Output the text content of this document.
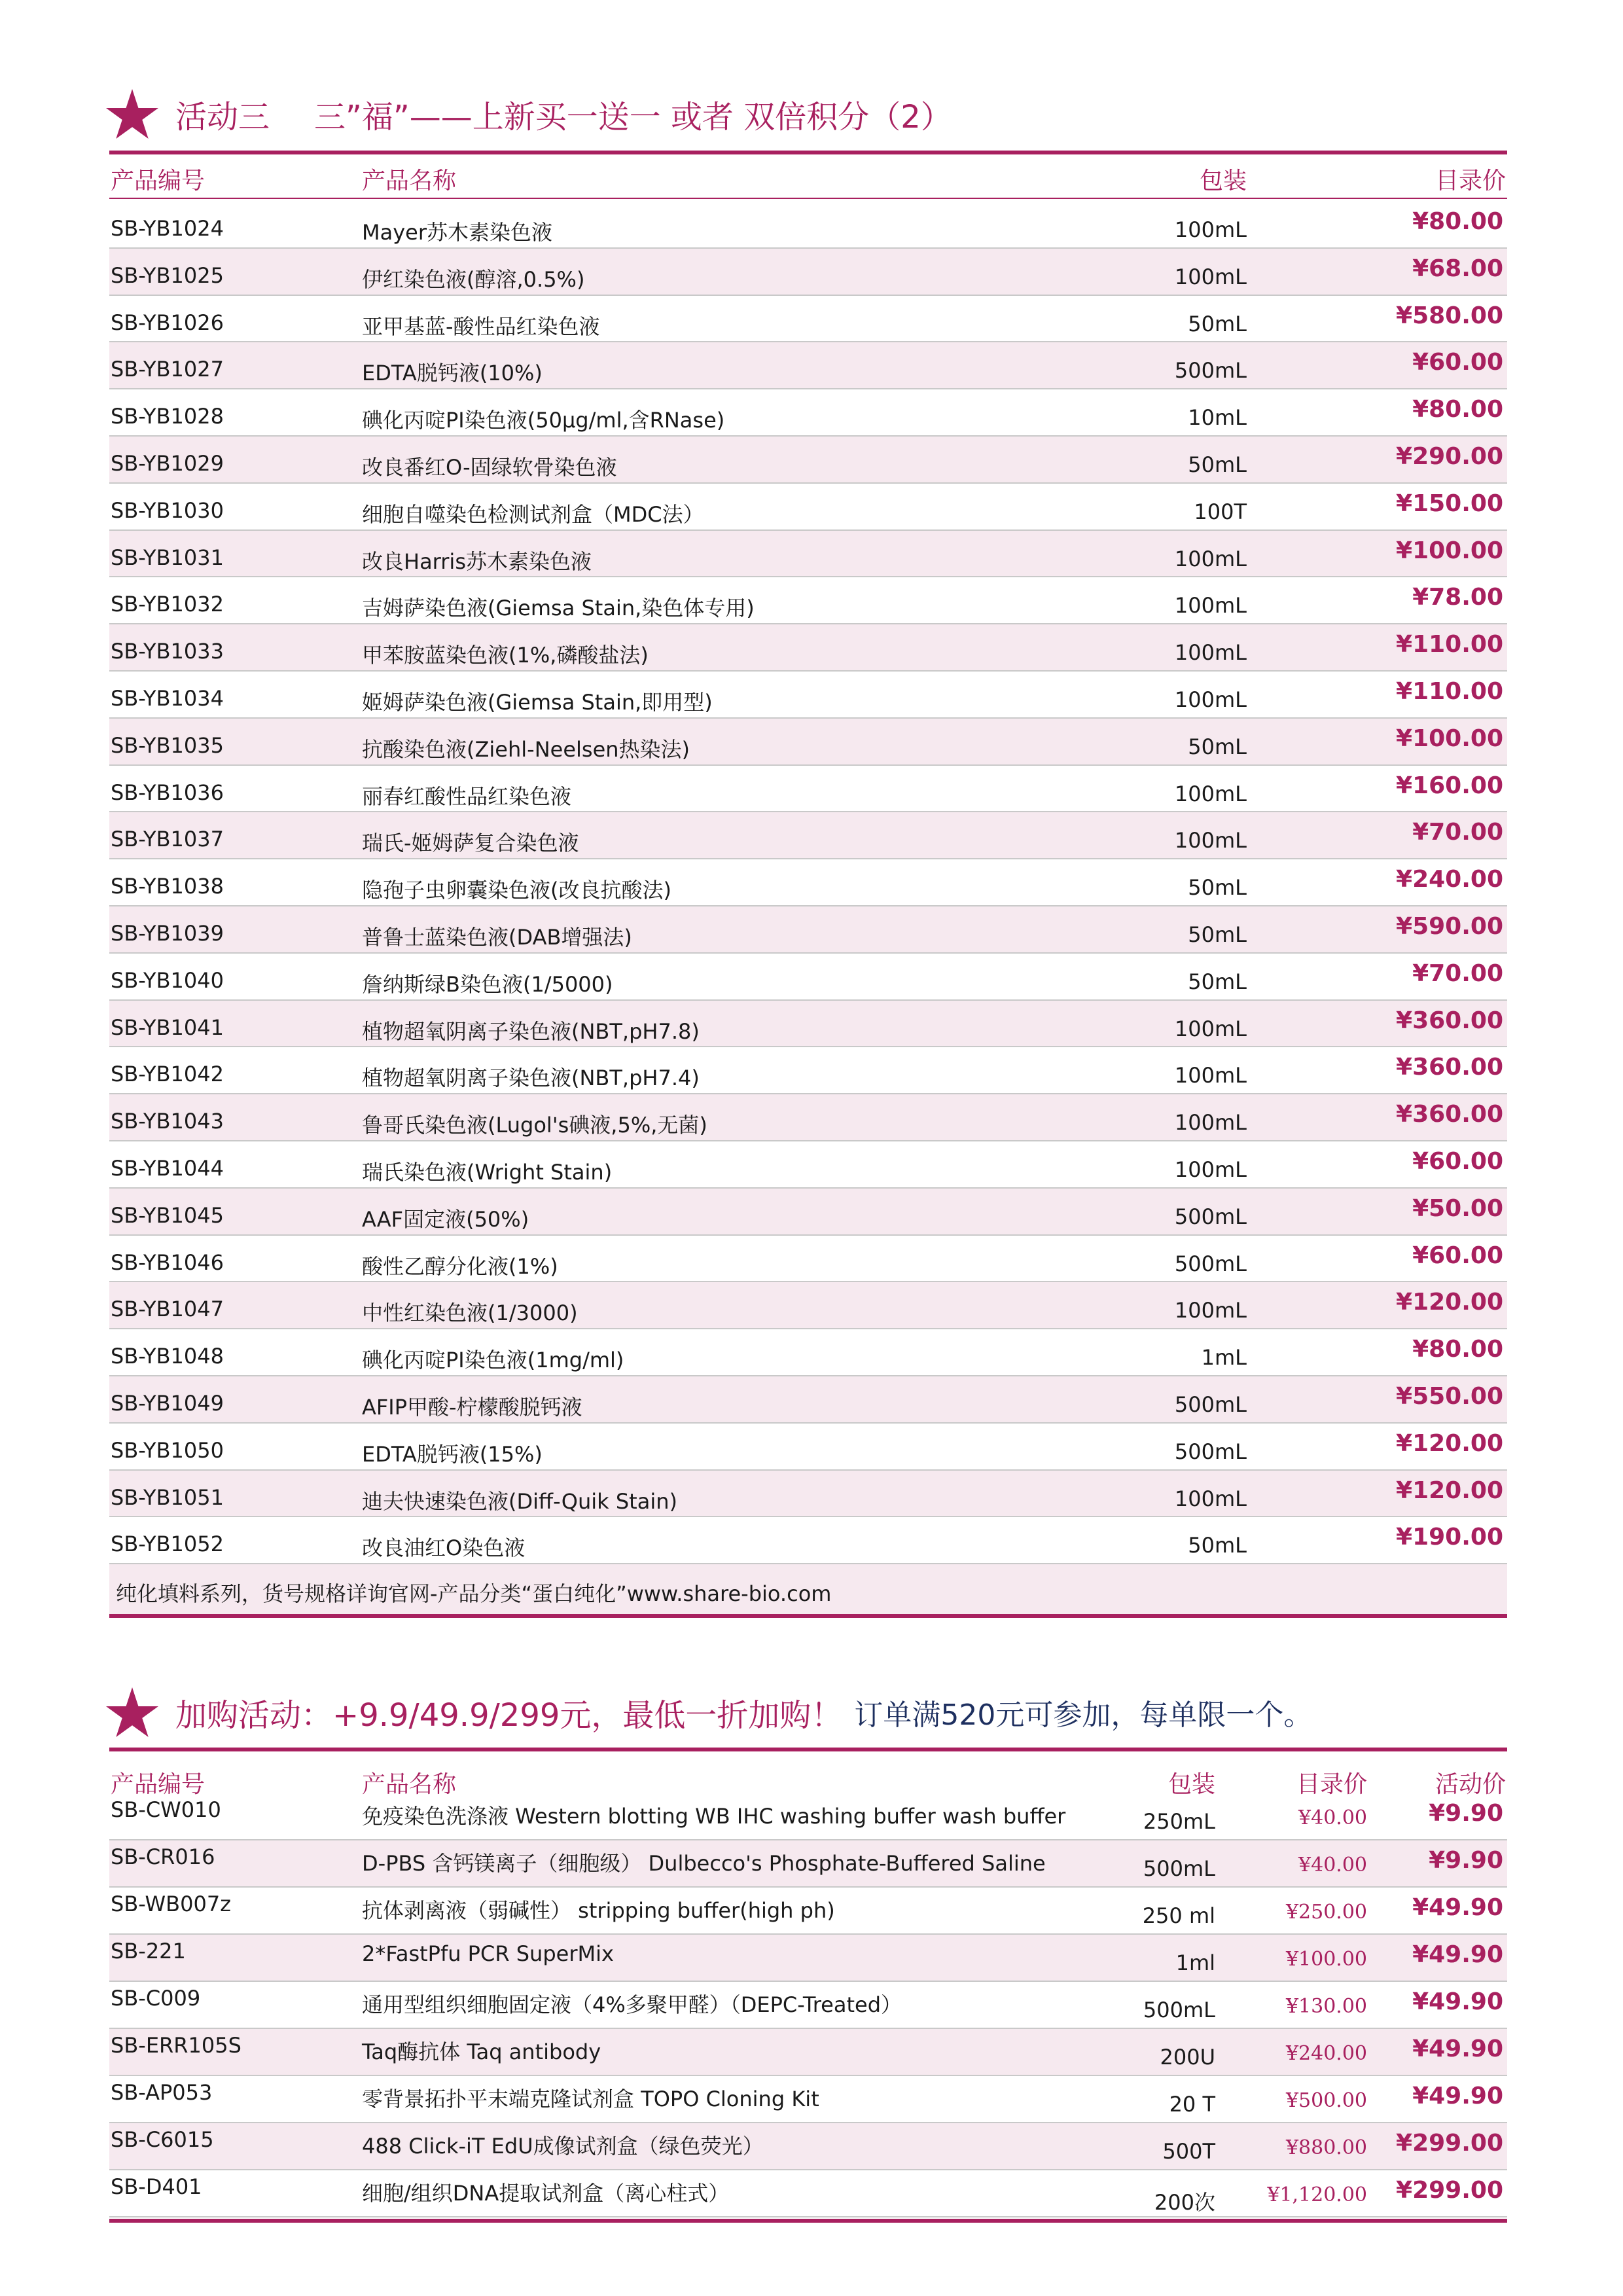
活动三 三”福”——上新买一送一 或者 双倍积分（2）
产品编号	产品名称	包装	目录价
SB-YB1024	Mayer苏木素染色液	100mL	¥80.00
SB-YB1025	伊红染色液(醇溶,0.5%)	100mL	¥68.00
SB-YB1026	亚甲基蓝-酸性品红染色液	50mL	¥580.00
SB-YB1027	EDTA脱钙液(10%)	500mL	¥60.00
SB-YB1028	碘化丙啶PI染色液(50μg/ml,含RNase)	10mL	¥80.00
SB-YB1029	改良番红O-固绿软骨染色液	50mL	¥290.00
SB-YB1030	细胞自噬染色检测试剂盒（MDC法）	100T	¥150.00
SB-YB1031	改良Harris苏木素染色液	100mL	¥100.00
SB-YB1032	吉姆萨染色液(Giemsa Stain,染色体专用)	100mL	¥78.00
SB-YB1033	甲苯胺蓝染色液(1%,磷酸盐法)	100mL	¥110.00
SB-YB1034	姬姆萨染色液(Giemsa Stain,即用型)	100mL	¥110.00
SB-YB1035	抗酸染色液(Ziehl-Neelsen热染法)	50mL	¥100.00
SB-YB1036	丽春红酸性品红染色液	100mL	¥160.00
SB-YB1037	瑞氏-姬姆萨复合染色液	100mL	¥70.00
SB-YB1038	隐孢子虫卵囊染色液(改良抗酸法)	50mL	¥240.00
SB-YB1039	普鲁士蓝染色液(DAB增强法)	50mL	¥590.00
SB-YB1040	詹纳斯绿B染色液(1/5000)	50mL	¥70.00
SB-YB1041	植物超氧阴离子染色液(NBT,pH7.8)	100mL	¥360.00
SB-YB1042	植物超氧阴离子染色液(NBT,pH7.4)	100mL	¥360.00
SB-YB1043	鲁哥氏染色液(Lugol's碘液,5%,无菌)	100mL	¥360.00
SB-YB1044	瑞氏染色液(Wright Stain)	100mL	¥60.00
SB-YB1045	AAF固定液(50%)	500mL	¥50.00
SB-YB1046	酸性乙醇分化液(1%)	500mL	¥60.00
SB-YB1047	中性红染色液(1/3000)	100mL	¥120.00
SB-YB1048	碘化丙啶PI染色液(1mg/ml)	1mL	¥80.00
SB-YB1049	AFIP甲酸-柠檬酸脱钙液	500mL	¥550.00
SB-YB1050	EDTA脱钙液(15%)	500mL	¥120.00
SB-YB1051	迪夫快速染色液(Diff-Quik Stain)	100mL	¥120.00
SB-YB1052	改良油红O染色液	50mL	¥190.00
纯化填料系列，货号规格详询官网-产品分类“蛋白纯化”www.share-bio.com
加购活动：+9.9/49.9/299元，最低一折加购！ 订单满520元可参加，每单限一个。
产品编号	产品名称	包装	目录价	活动价
SB-CW010	免疫染色洗涤液 Western blotting WB IHC washing buffer wash buffer	250mL	¥40.00	¥9.90
SB-CR016	D-PBS 含钙镁离子（细胞级） Dulbecco's Phosphate-Buffered Saline	500mL	¥40.00	¥9.90
SB-WB007z	抗体剥离液（弱碱性） stripping buffer(high ph)	250 ml	¥250.00 ¥49.90
SB-221	2*FastPfu PCR SuperMix	1ml	¥100.00 ¥49.90
SB-C009	通用型组织细胞固定液（4%多聚甲醛）（DEPC-Treated）	500mL	¥130.00 ¥49.90
SB-ERR105S	Taq酶抗体 Taq antibody	200U	¥240.00 ¥49.90
SB-AP053	零背景拓扑平末端克隆试剂盒 TOPO Cloning Kit	20 T	¥500.00 ¥49.90
SB-C6015	488 Click-iT EdU成像试剂盒（绿色荧光）	500T	¥880.00 ¥299.00
SB-D401	细胞/组织DNA提取试剂盒（离心柱式）	200次	¥1,120.00 ¥299.00
